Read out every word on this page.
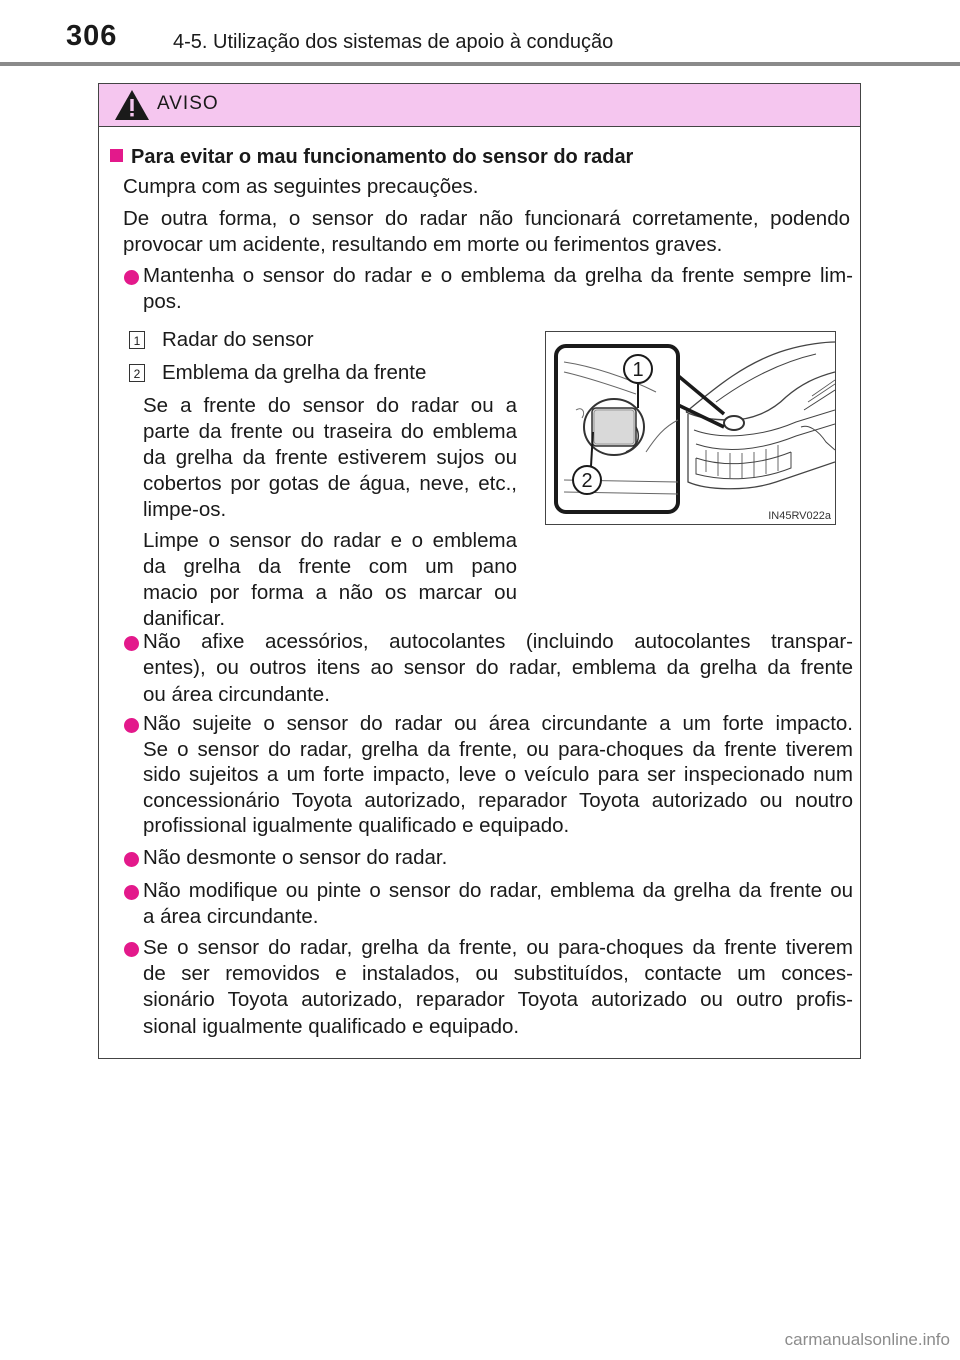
306	4-5. Utilização dos sistemas de apoio à condução
AVISO
Para evitar o mau funcionamento do sensor do radar
Cumpra com as seguintes precauções.
De outra forma, o sensor do radar não funcionará corretamente, podendo
provocar um acidente, resultando em morte ou ferimentos graves.
Mantenha o sensor do radar e o emblema da grelha da frente sempre lim-
pos.
1 Radar do sensor
2 Emblema da grelha da frente
Se a frente do sensor do radar ou a
parte da frente ou traseira do emblema
da grelha da frente estiverem sujos ou
cobertos por gotas de água, neve, etc.,
limpe-os.
Limpe o sensor do radar e o emblema
da grelha da frente com um pano
macio por forma a não os marcar ou
danificar.
1
2
IN45RV022a
Não afixe acessórios, autocolantes (incluindo autocolantes transpar-
entes), ou outros itens ao sensor do radar, emblema da grelha da frente
ou área circundante.
Não sujeite o sensor do radar ou área circundante a um forte impacto.
Se o sensor do radar, grelha da frente, ou para-choques da frente tiverem
sido sujeitos a um forte impacto, leve o veículo para ser inspecionado num
concessionário Toyota autorizado, reparador Toyota autorizado ou noutro
profissional igualmente qualificado e equipado.
Não desmonte o sensor do radar.
Não modifique ou pinte o sensor do radar, emblema da grelha da frente ou
a área circundante.
Se o sensor do radar, grelha da frente, ou para-choques da frente tiverem
de ser removidos e instalados, ou substituídos, contacte um conces-
sionário Toyota autorizado, reparador Toyota autorizado ou outro profis-
sional igualmente qualificado e equipado.
carmanualsonline.info
